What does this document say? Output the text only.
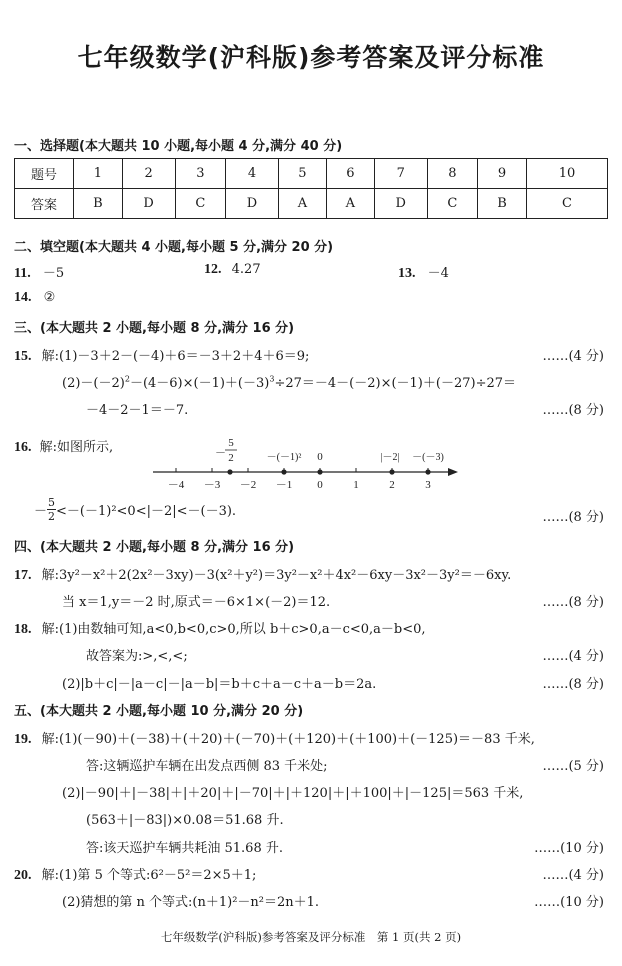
七年级数学(沪科版)参考答案及评分标准
一、选择题(本大题共 10 小题,每小题 4 分,满分 40 分)
题号	1	2	3	4	5	6	7	8	9	10
答案	B	D	C	D	A	A	D	C	B	C
二、填空题(本大题共 4 小题,每小题 5 分,满分 20 分)
11. －5	12. 4.27	13. －4
14. ②
三、(本大题共 2 小题,每小题 8 分,满分 16 分)
15. 解:(1)－3＋2－(－4)＋6＝－3＋2＋4＋6＝9;	……(4 分)
$(2)-(-2)^2-(4-6)\times(-1)+(-3)^3\div 27=-4-(-2)\times(-1)+(-27)\div 27=$
－4－2－1＝－7.	……(8 分)
16. 解:如图所示,
－4 －3 －2 －1 0	1	2	3
－
5
2	－(－1)² 0	|－2| －(－3)
－ $\frac{5}{2} <-(-1)^2<0<|-2|<-(-3)$.	……(8 分)
四、(本大题共 2 小题,每小题 8 分,满分 16 分)
17. 解:3y²－x²＋2(2x²－3xy)－3(x²＋y²)＝3y²－x²＋4x²－6xy－3x²－3y²＝－6xy.
当 x＝1,y＝－2 时,原式＝－6×1×(－2)＝12.	……(8 分)
18. 解:(1)由数轴可知,a<0,b<0,c>0,所以 b＋c>0,a－c<0,a－b<0,
故答案为:>,<,<;	……(4 分)
(2)|b＋c|－|a－c|－|a－b|＝b＋c＋a－c＋a－b＝2a.	……(8 分)
五、(本大题共 2 小题,每小题 10 分,满分 20 分)
19. 解:(1)(－90)＋(－38)＋(＋20)＋(－70)＋(＋120)＋(＋100)＋(－125)＝－83 千米,
答:这辆巡护车辆在出发点西侧 83 千米处;	……(5 分)
(2)|－90|＋|－38|＋|＋20|＋|－70|＋|＋120|＋|＋100|＋|－125|＝563 千米,
(563＋|－83|)×0.08＝51.68 升.
答:该天巡护车辆共耗油 51.68 升.	……(10 分)
20. 解:(1)第 5 个等式:6²－5²＝2×5＋1;	……(4 分)
(2)猜想的第 n 个等式:(n＋1)²－n²＝2n＋1.	……(10 分)
七年级数学(沪科版)参考答案及评分标准　第 1 页(共 2 页)
